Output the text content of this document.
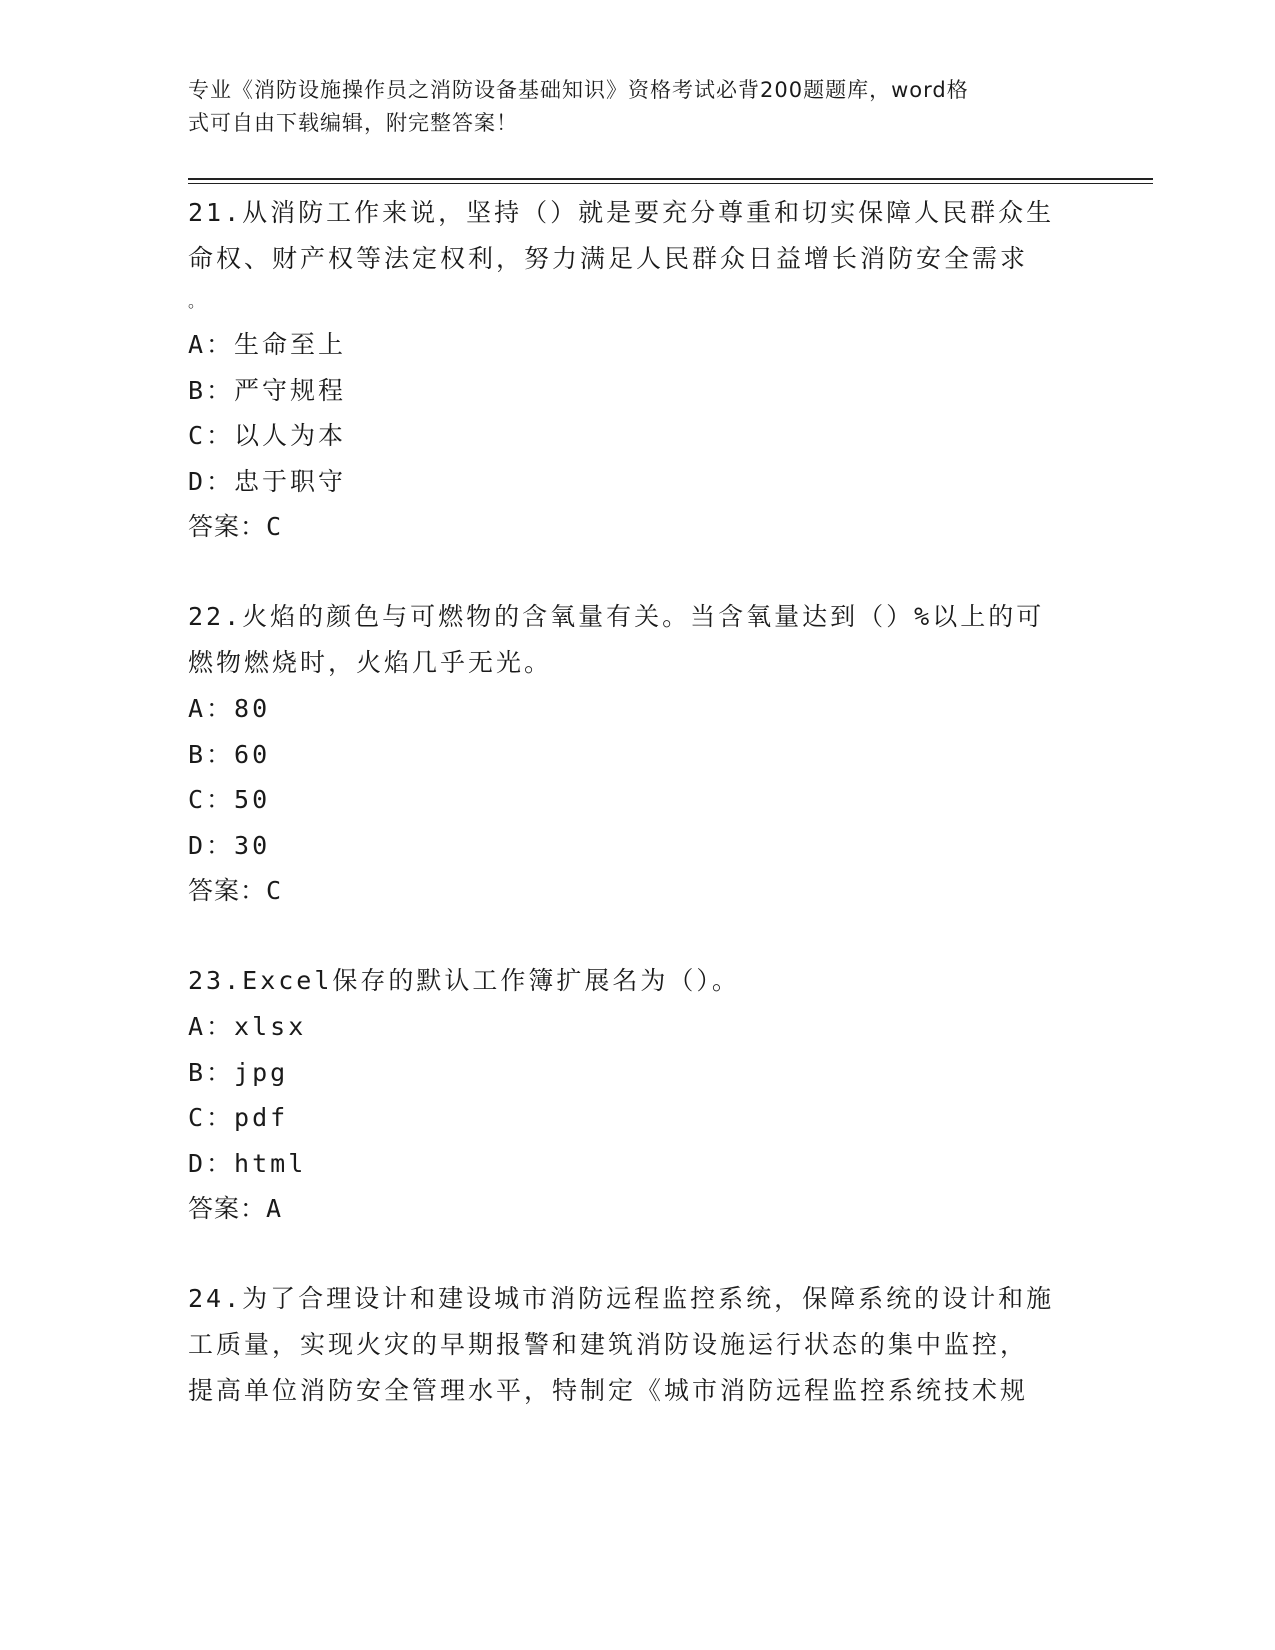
专业《消防设施操作员之消防设备基础知识》资格考试必背200题题库，word格
式可自由下载编辑，附完整答案！
21.从消防工作来说，坚持（）就是要充分尊重和切实保障人民群众生
命权、财产权等法定权利，努力满足人民群众日益增长消防安全需求
。
A：生命至上
B：严守规程
C：以人为本
D：忠于职守
答案：C
22.火焰的颜色与可燃物的含氧量有关。当含氧量达到（）%以上的可
燃物燃烧时，火焰几乎无光。
A：80
B：60
C：50
D：30
答案：C
23.Excel保存的默认工作簿扩展名为（）。
A：xlsx
B：jpg
C：pdf
D：html
答案：A
24.为了合理设计和建设城市消防远程监控系统，保障系统的设计和施
工质量，实现火灾的早期报警和建筑消防设施运行状态的集中监控，
提高单位消防安全管理水平，特制定《城市消防远程监控系统技术规
